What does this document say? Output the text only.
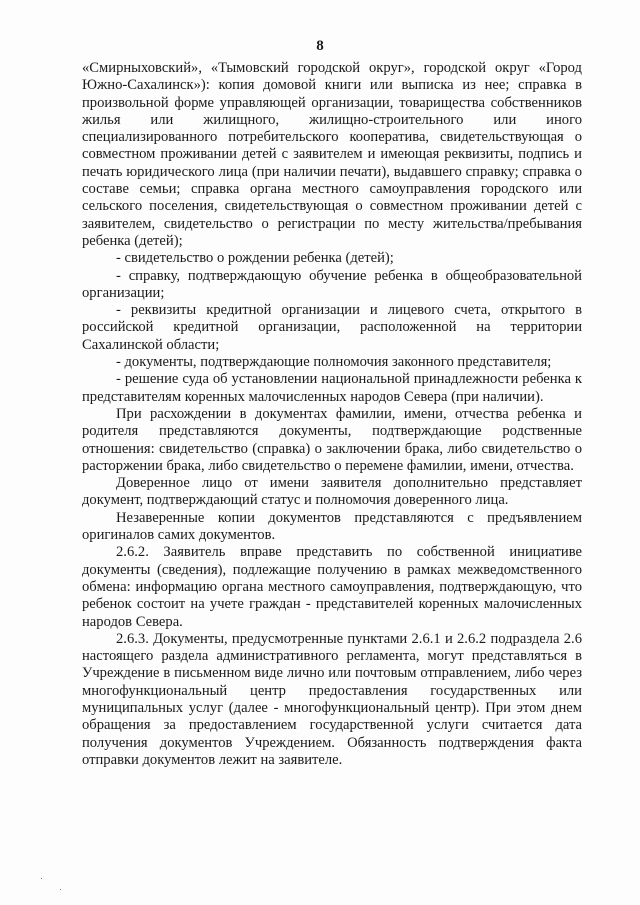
8

«Смирныховский», «Тымовский городской округ», городской округ «Город Южно-Сахалинск»): копия домовой книги или выписка из нее; справка в произвольной форме управляющей организации, товарищества собственников жилья или жилищного, жилищно-строительного или иного специализированного потребительского кооператива, свидетельствующая о совместном проживании детей с заявителем и имеющая реквизиты, подпись и печать юридического лица (при наличии печати), выдавшего справку; справка о составе семьи; справка органа местного самоуправления городского или сельского поселения, свидетельствующая о совместном проживании детей с заявителем, свидетельство о регистрации по месту жительства/пребывания ребенка (детей);

- свидетельство о рождении ребенка (детей);

- справку, подтверждающую обучение ребенка в общеобразовательной организации;

- реквизиты кредитной организации и лицевого счета, открытого в российской кредитной организации, расположенной на территории Сахалинской области;

- документы, подтверждающие полномочия законного представителя;

- решение суда об установлении национальной принадлежности ребенка к представителям коренных малочисленных народов Севера (при наличии).

При расхождении в документах фамилии, имени, отчества ребенка и родителя представляются документы, подтверждающие родственные отношения: свидетельство (справка) о заключении брака, либо свидетельство о расторжении брака, либо свидетельство о перемене фамилии, имени, отчества.

Доверенное лицо от имени заявителя дополнительно представляет документ, подтверждающий статус и полномочия доверенного лица.

Незаверенные копии документов представляются с предъявлением оригиналов самих документов.

2.6.2. Заявитель вправе представить по собственной инициативе документы (сведения), подлежащие получению в рамках межведомственного обмена: информацию органа местного самоуправления, подтверждающую, что ребенок состоит на учете граждан - представителей коренных малочисленных народов Севера.

2.6.3. Документы, предусмотренные пунктами 2.6.1 и 2.6.2 подраздела 2.6 настоящего раздела административного регламента, могут представляться в Учреждение в письменном виде лично или почтовым отправлением, либо через многофункциональный центр предоставления государственных или муниципальных услуг (далее - многофункциональный центр). При этом днем обращения за предоставлением государственной услуги считается дата получения документов Учреждением. Обязанность подтверждения факта отправки документов лежит на заявителе.
